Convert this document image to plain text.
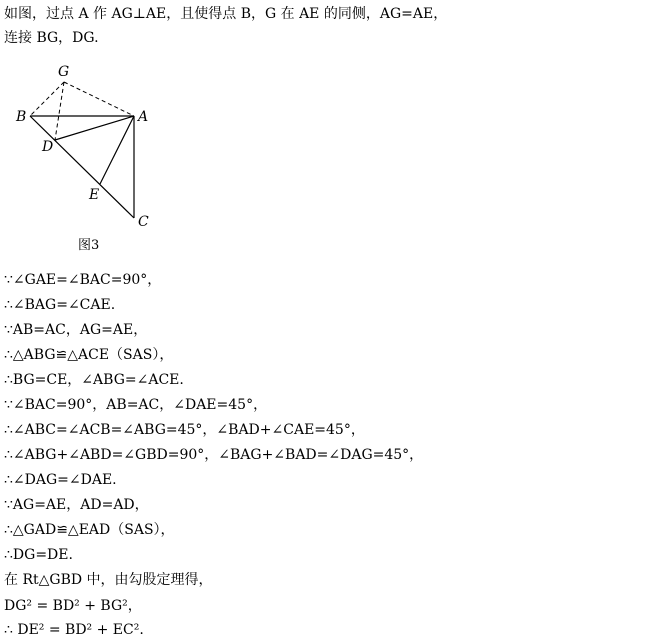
如图，过点 A 作 AG⊥AE，且使得点 B，G 在 AE 的同侧，AG=AE，
连接 BG，DG.
G
A
B
D
E
C
图3
∵∠GAE=∠BAC=90°，
∴∠BAG=∠CAE.
∵AB=AC，AG=AE，
∴△ABG≌△ACE（SAS），
∴BG=CE，∠ABG=∠ACE.
∵∠BAC=90°，AB=AC，∠DAE=45°，
∴∠ABC=∠ACB=∠ABG=45°，∠BAD+∠CAE=45°，
∴∠ABG+∠ABD=∠GBD=90°，∠BAG+∠BAD=∠DAG=45°，
∴∠DAG=∠DAE.
∵AG=AE，AD=AD，
∴△GAD≌△EAD（SAS），
∴DG=DE.
在 Rt△GBD 中，由勾股定理得，
DG² = BD² + BG²，
∴ DE² = BD² + EC².
